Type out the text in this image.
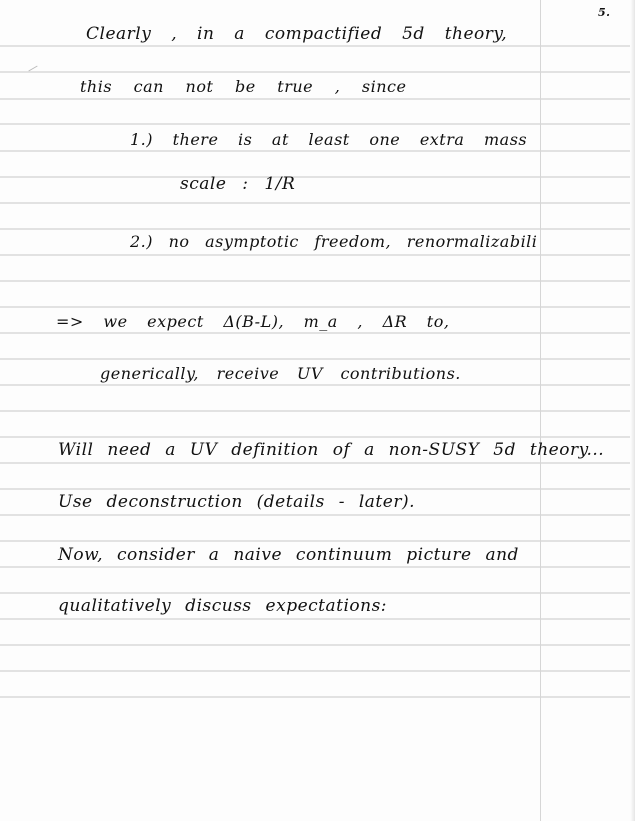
5.
Clearly , in a compactified 5d theory,
this can not be true , since
1.) there is at least one extra mass
scale : 1/R
2.) no asymptotic freedom, renormalizabili
=> we expect Δ(B-L), m_a , ΔR to,
generically, receive UV contributions.
Will need a UV definition of a non-SUSY 5d theory...
Use deconstruction (details - later).
Now, consider a naive continuum picture and
qualitatively discuss expectations:
